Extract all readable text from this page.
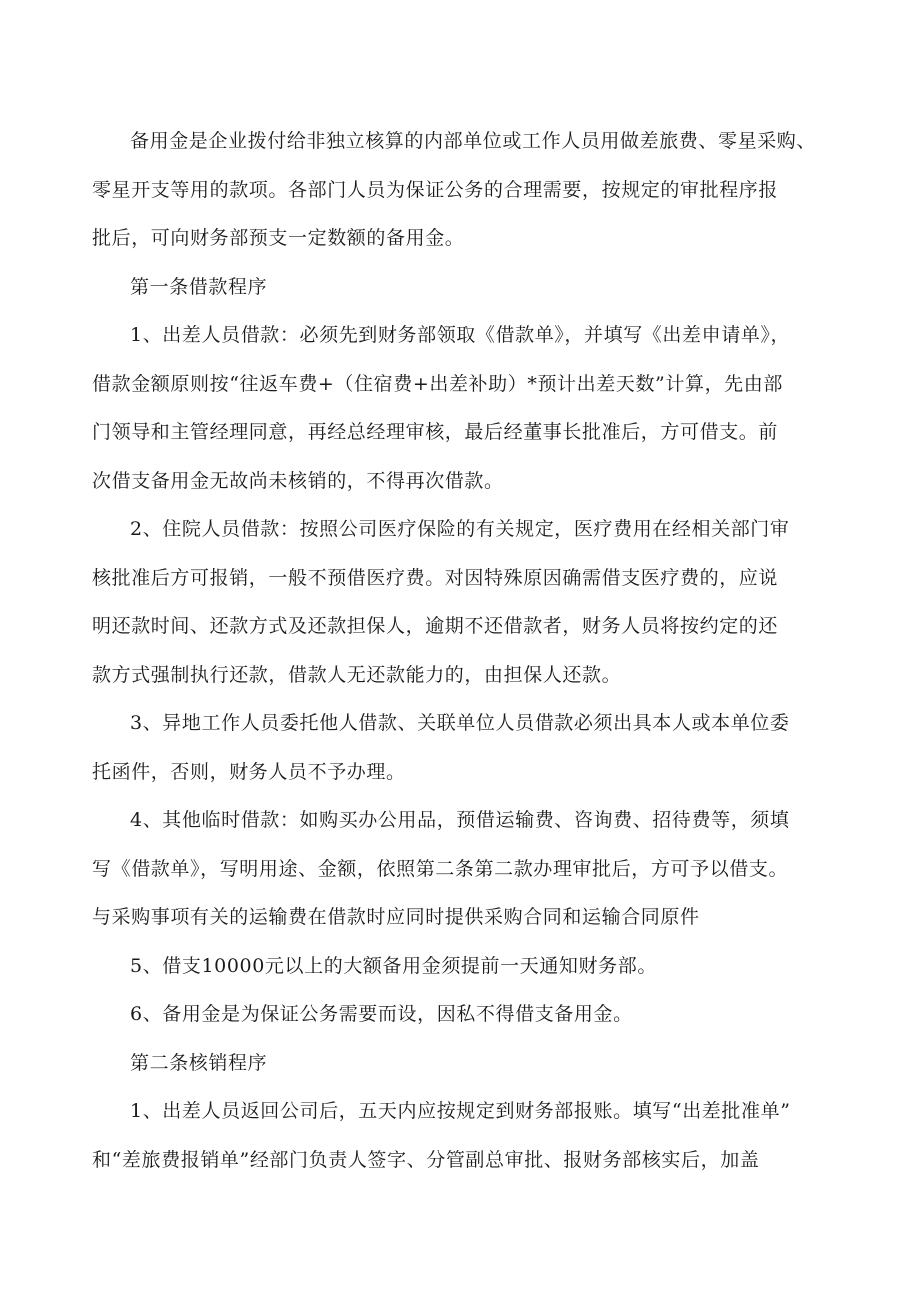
备用金是企业拨付给非独立核算的内部单位或工作人员用做差旅费、零星采购、
零星开支等用的款项。各部门人员为保证公务的合理需要，按规定的审批程序报
批后，可向财务部预支一定数额的备用金。
第一条借款程序
1、出差人员借款：必须先到财务部领取《借款单》，并填写《出差申请单》，
借款金额原则按“往返车费+（住宿费+出差补助）*预计出差天数”计算，先由部
门领导和主管经理同意，再经总经理审核，最后经董事长批准后，方可借支。前
次借支备用金无故尚未核销的，不得再次借款。
2、住院人员借款：按照公司医疗保险的有关规定，医疗费用在经相关部门审
核批准后方可报销，一般不预借医疗费。对因特殊原因确需借支医疗费的，应说
明还款时间、还款方式及还款担保人，逾期不还借款者，财务人员将按约定的还
款方式强制执行还款，借款人无还款能力的，由担保人还款。
3、异地工作人员委托他人借款、关联单位人员借款必须出具本人或本单位委
托函件，否则，财务人员不予办理。
4、其他临时借款：如购买办公用品，预借运输费、咨询费、招待费等，须填
写《借款单》，写明用途、金额，依照第二条第二款办理审批后，方可予以借支。
与采购事项有关的运输费在借款时应同时提供采购合同和运输合同原件
5、借支10000元以上的大额备用金须提前一天通知财务部。
6、备用金是为保证公务需要而设，因私不得借支备用金。
第二条核销程序
1、出差人员返回公司后，五天内应按规定到财务部报账。填写“出差批准单”
和“差旅费报销单”经部门负责人签字、分管副总审批、报财务部核实后，加盖
